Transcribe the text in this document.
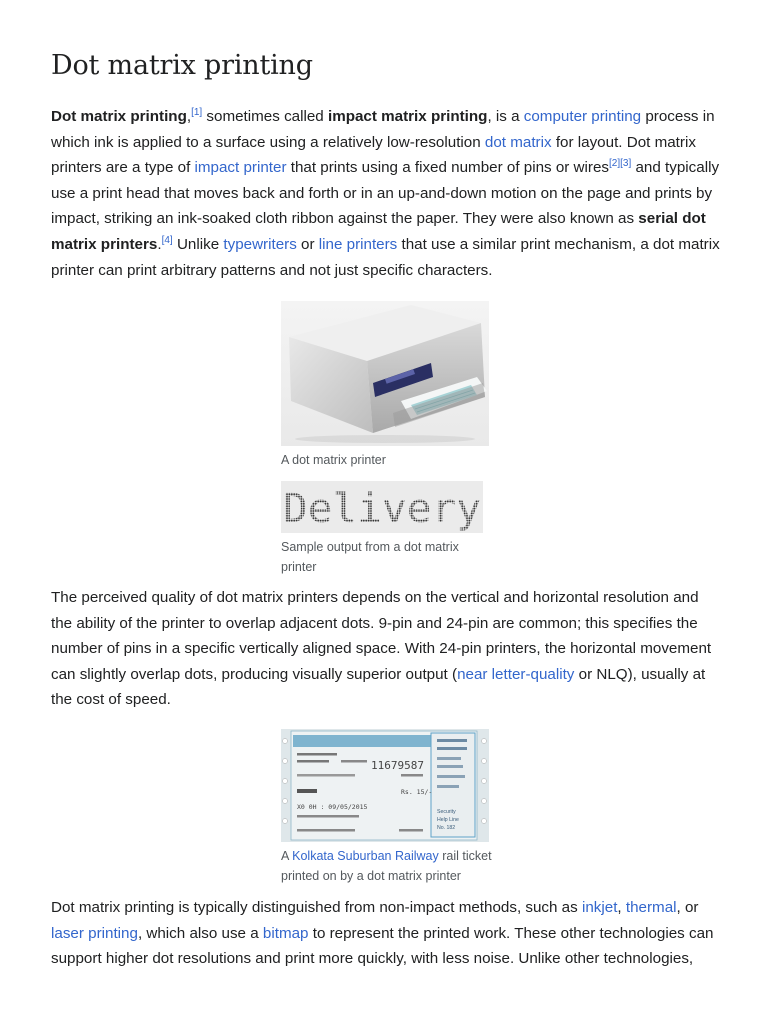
Dot matrix printing

Dot matrix printing,[1] sometimes called impact matrix printing, is a computer printing process in which ink is applied to a surface using a relatively low-resolution dot matrix for layout. Dot matrix printers are a type of impact printer that prints using a fixed number of pins or wires[2][3] and typically use a print head that moves back and forth or in an up-and-down motion on the page and prints by impact, striking an ink-soaked cloth ribbon against the paper. They were also known as serial dot matrix printers.[4] Unlike typewriters or line printers that use a similar print mechanism, a dot matrix printer can print arbitrary patterns and not just specific characters.

A dot matrix printer

Sample output from a dot matrix printer

The perceived quality of dot matrix printers depends on the vertical and horizontal resolution and the ability of the printer to overlap adjacent dots. 9-pin and 24-pin are common; this specifies the number of pins in a specific vertically aligned space. With 24-pin printers, the horizontal movement can slightly overlap dots, producing visually superior output (near letter-quality or NLQ), usually at the cost of speed.

11679587
Rs. 15/-
X0 0H : 09/05/2015
Security
Help Line
No. 182

A Kolkata Suburban Railway rail ticket printed on by a dot matrix printer

Dot matrix printing is typically distinguished from non-impact methods, such as inkjet, thermal, or laser printing, which also use a bitmap to represent the printed work. These other technologies can support higher dot resolutions and print more quickly, with less noise. Unlike other technologies,
